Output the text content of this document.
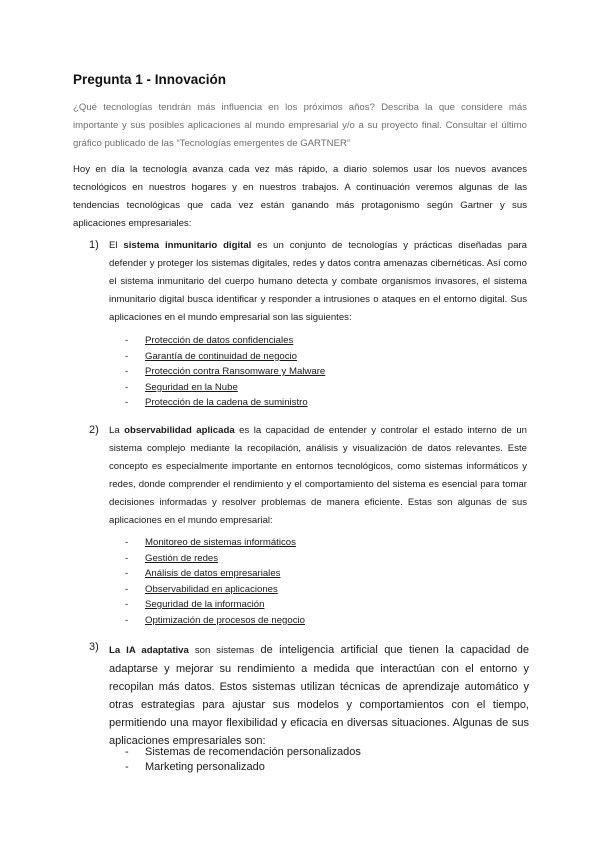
Pregunta 1 - Innovación

¿Qué tecnologías tendrán más influencia en los próximos años? Describa la que considere más importante y sus posibles aplicaciones al mundo empresarial y/o a su proyecto final. Consultar el último gráfico publicado de las “Tecnologías emergentes de GARTNER”

Hoy en día la tecnología avanza cada vez más rápido, a diario solemos usar los nuevos avances tecnológicos en nuestros hogares y en nuestros trabajos. A continuación veremos algunas de las tendencias tecnológicas que cada vez están ganando más protagonismo según Gartner y sus aplicaciones empresariales:

1) El sistema inmunitario digital es un conjunto de tecnologías y prácticas diseñadas para defender y proteger los sistemas digitales, redes y datos contra amenazas cibernéticas. Así como el sistema inmunitario del cuerpo humano detecta y combate organismos invasores, el sistema inmunitario digital busca identificar y responder a intrusiones o ataques en el entorno digital. Sus aplicaciones en el mundo empresarial son las siguientes:

- Protección de datos confidenciales
- Garantía de continuidad de negocio
- Protección contra Ransomware y Malware
- Seguridad en la Nube
- Protección de la cadena de suministro
2) La observabilidad aplicada es la capacidad de entender y controlar el estado interno de un sistema complejo mediante la recopilación, análisis y visualización de datos relevantes. Este concepto es especialmente importante en entornos tecnológicos, como sistemas informáticos y redes, donde comprender el rendimiento y el comportamiento del sistema es esencial para tomar decisiones informadas y resolver problemas de manera eficiente. Estas son algunas de sus aplicaciones en el mundo empresarial:

- Monitoreo de sistemas informáticos
- Gestión de redes
- Análisis de datos empresariales
- Observabilidad en aplicaciones
- Seguridad de la información
- Optimización de procesos de negocio
3) La IA adaptativa son sistemas de inteligencia artificial que tienen la capacidad de adaptarse y mejorar su rendimiento a medida que interactúan con el entorno y recopilan más datos. Estos sistemas utilizan técnicas de aprendizaje automático y otras estrategias para ajustar sus modelos y comportamientos con el tiempo, permitiendo una mayor flexibilidad y eficacia en diversas situaciones. Algunas de sus aplicaciones empresariales son:

- Sistemas de recomendación personalizados
- Marketing personalizado
